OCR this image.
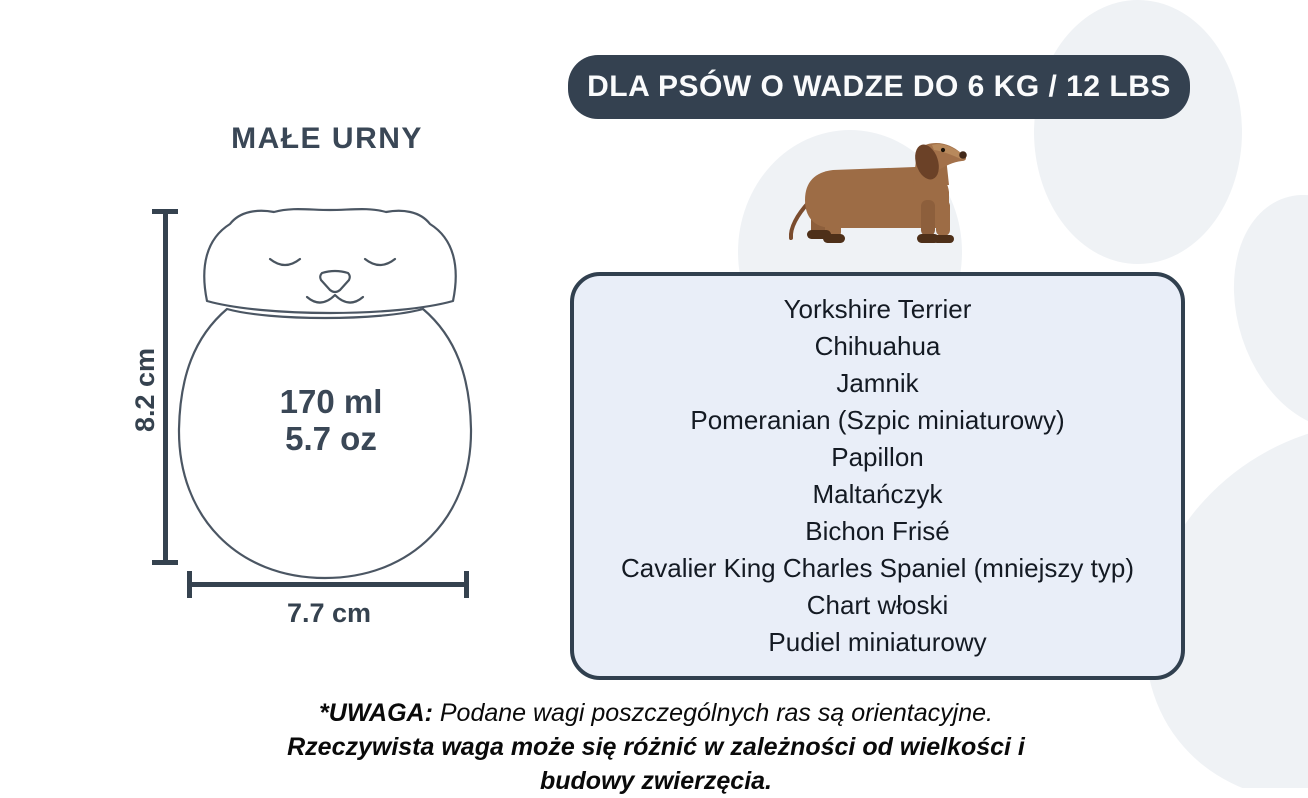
MAŁE URNY
DLA PSÓW O WADZE DO 6 KG / 12 LBS
170 ml
5.7 oz
8.2 cm
7.7 cm
Yorkshire Terrier
Chihuahua
Jamnik
Pomeranian (Szpic miniaturowy)
Papillon
Maltańczyk
Bichon Frisé
Cavalier King Charles Spaniel (mniejszy typ)
Chart włoski
Pudiel miniaturowy
*UWAGA: Podane wagi poszczególnych ras są orientacyjne. Rzeczywista waga może się różnić w zależności od wielkości i budowy zwierzęcia.
